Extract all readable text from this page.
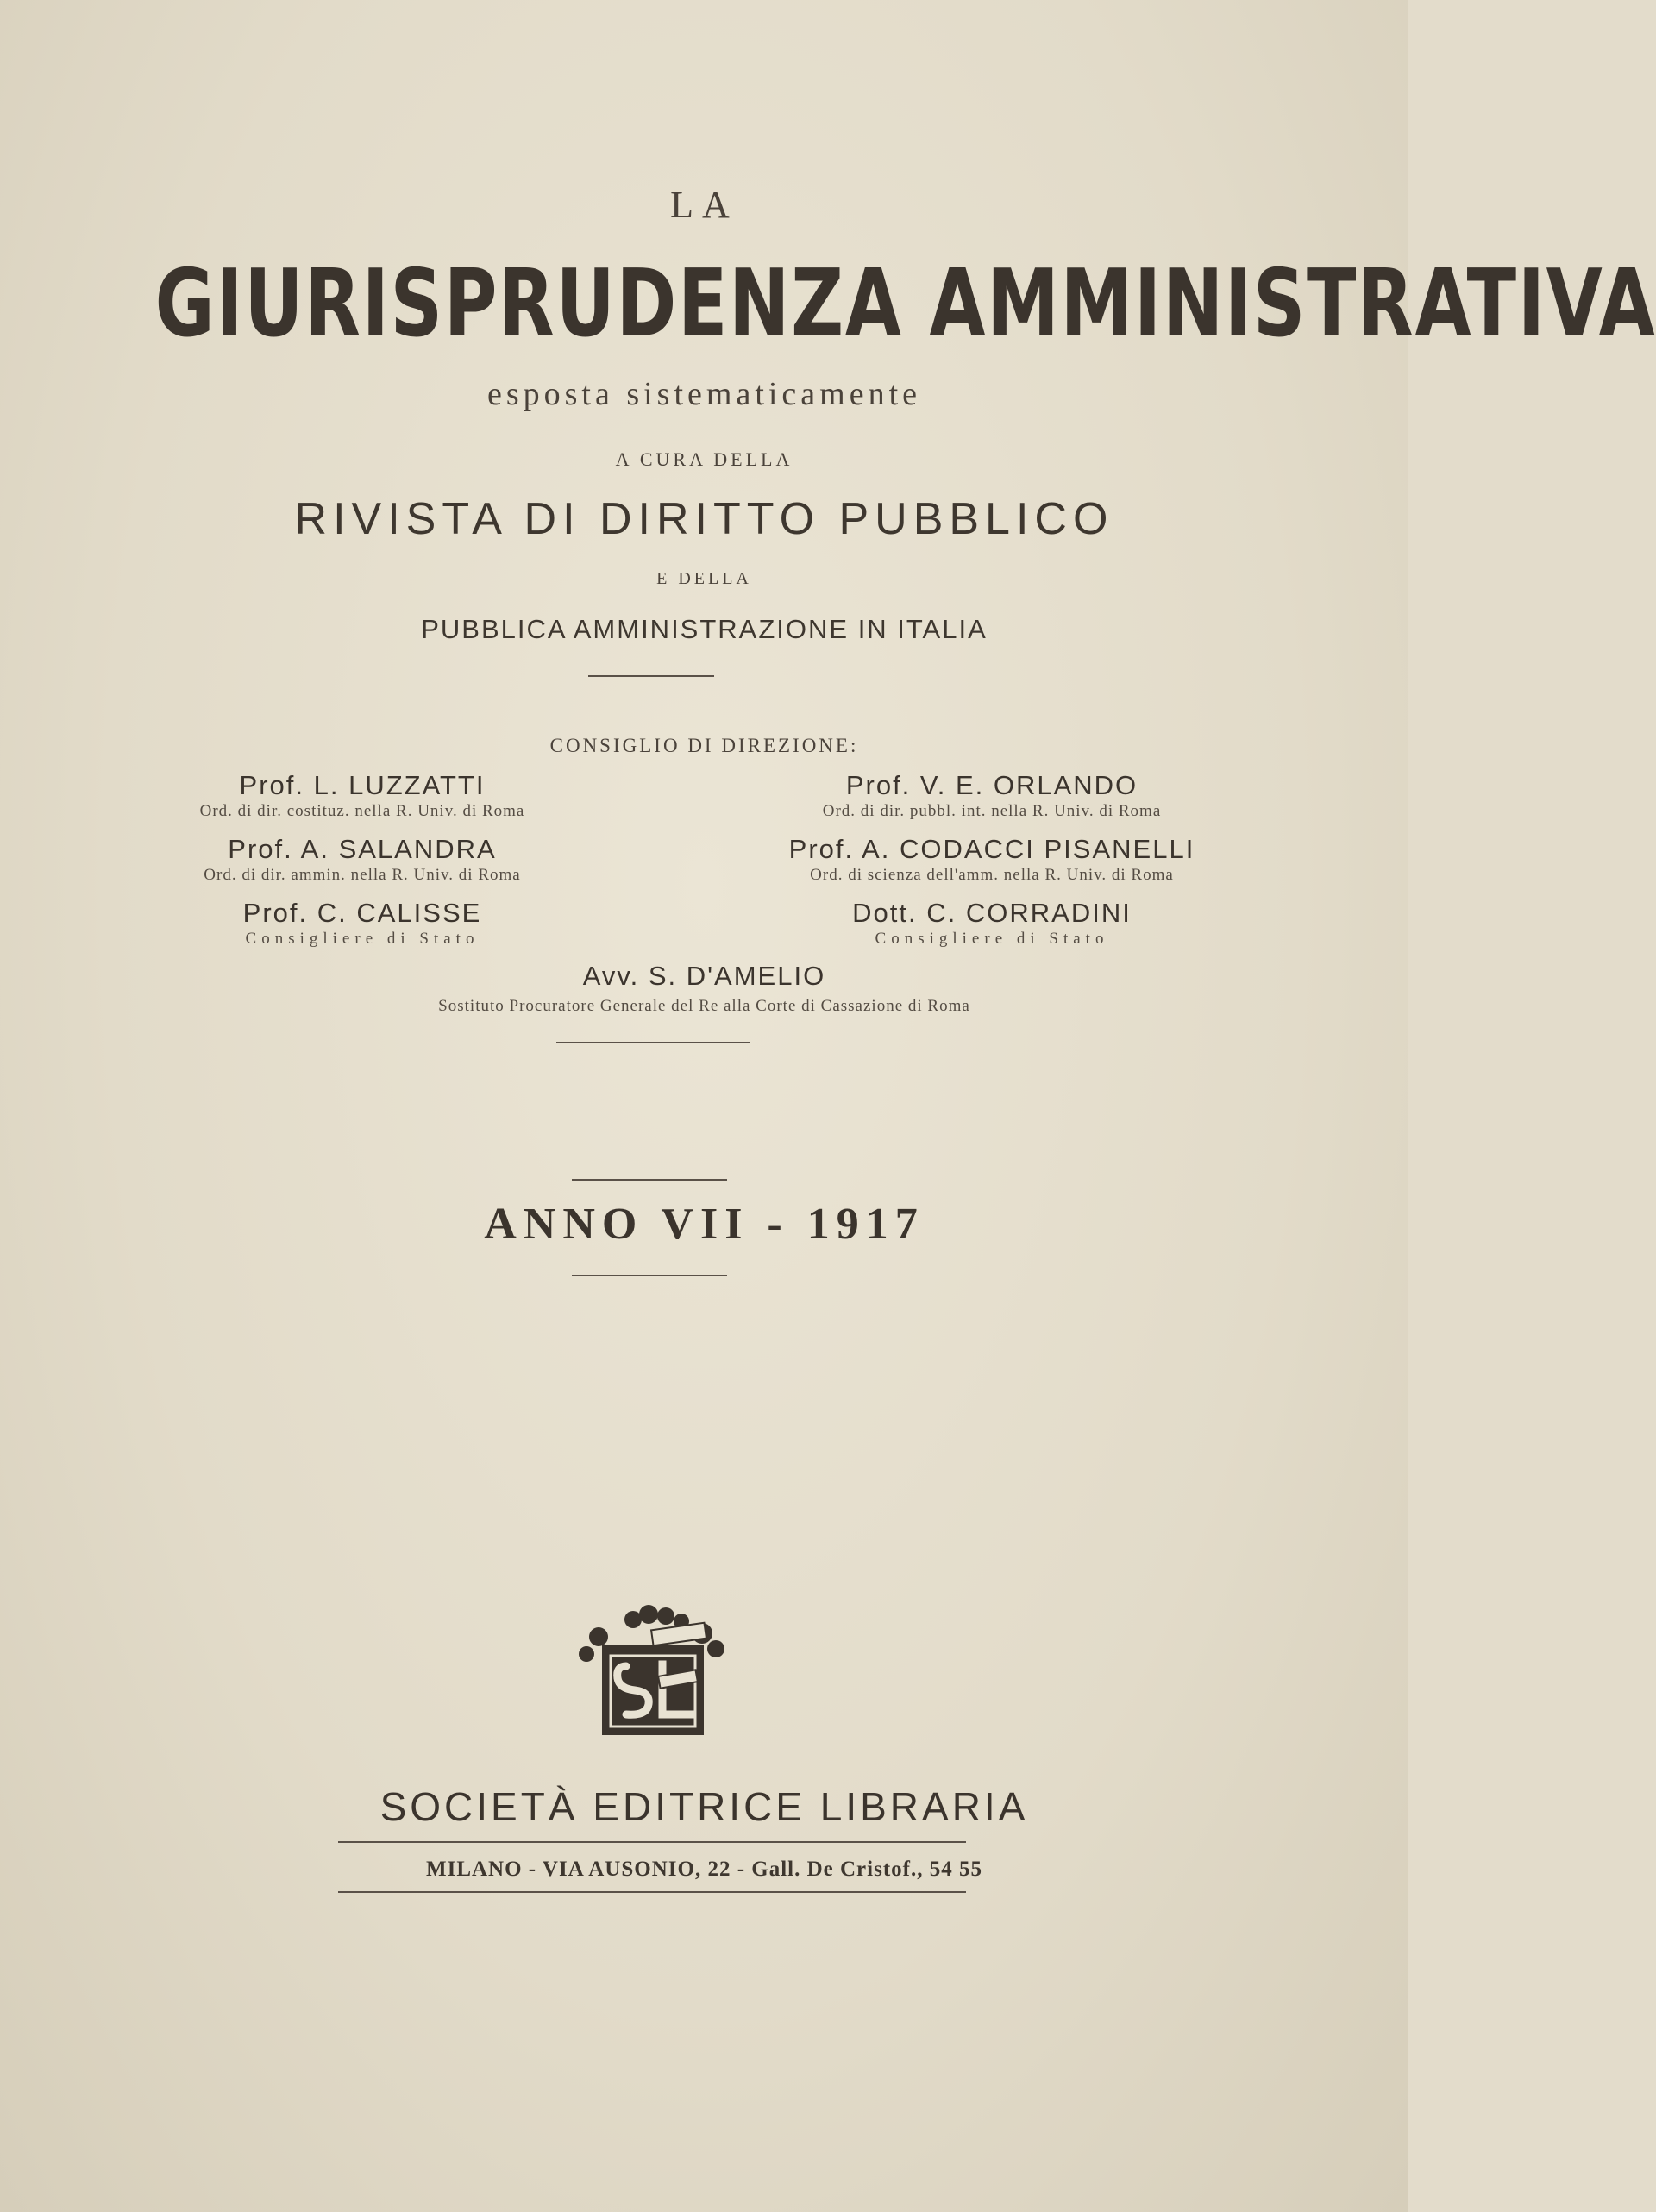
LA

GIURISPRUDENZA AMMINISTRATIVA

esposta sistematicamente

A CURA DELLA

RIVISTA DI DIRITTO PUBBLICO

E DELLA

PUBBLICA AMMINISTRAZIONE IN ITALIA

CONSIGLIO DI DIREZIONE:

Prof. L. LUZZATTI
Ord. di dir. costituz. nella R. Univ. di Roma
Prof. V. E. ORLANDO
Ord. di dir. pubbl. int. nella R. Univ. di Roma
Prof. A. SALANDRA
Ord. di dir. ammin. nella R. Univ. di Roma
Prof. A. CODACCI PISANELLI
Ord. di scienza dell'amm. nella R. Univ. di Roma
Prof. C. CALISSE
Consigliere di Stato
Dott. C. CORRADINI
Consigliere di Stato

Avv. S. D'AMELIO

Sostituto Procuratore Generale del Re alla Corte di Cassazione di Roma

ANNO VII - 1917

SOCIETÀ EDITRICE LIBRARIA

MILANO - VIA AUSONIO, 22 - Gall. De Cristof., 54 55
